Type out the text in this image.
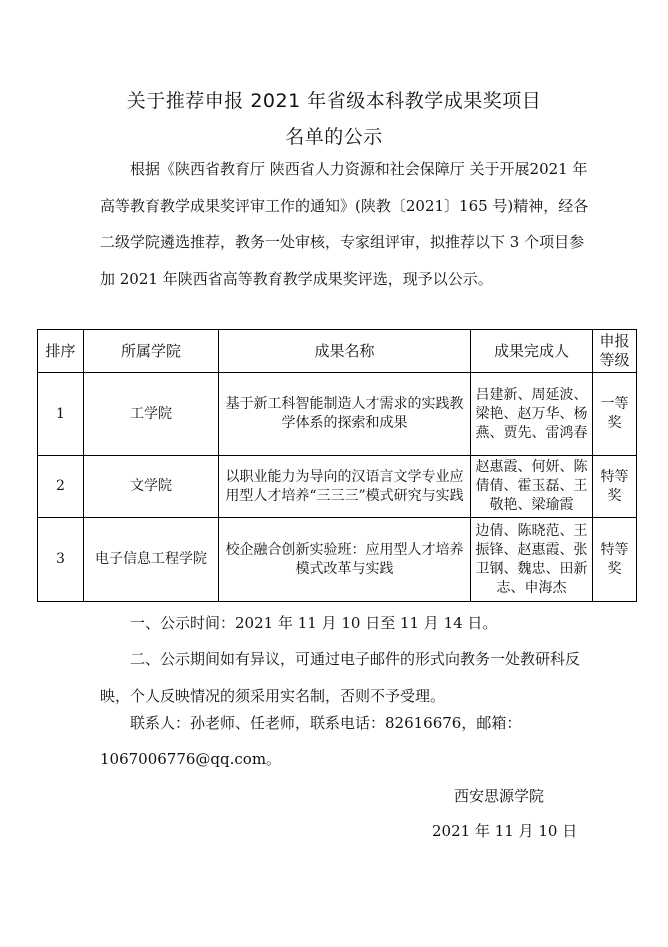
关于推荐申报 2021 年省级本科教学成果奖项目
名单的公示
根据《陕西省教育厅 陕西省人力资源和社会保障厅 关于开展2021 年高等教育教学成果奖评审工作的通知》(陕教〔2021〕165 号)精神，经各二级学院遴选推荐，教务一处审核，专家组评审，拟推荐以下 3 个项目参加 2021 年陕西省高等教育教学成果奖评选，现予以公示。
排序	所属学院	成果名称	成果完成人	申报等级
1	工学院	基于新工科智能制造人才需求的实践教学体系的探索和成果	吕建新、周延波、梁艳、赵万华、杨燕、贾先、雷鸿春	一等奖
2	文学院	以职业能力为导向的汉语言文学专业应用型人才培养“三三三”模式研究与实践	赵惠霞、何妍、陈倩倩、霍玉磊、王敬艳、梁瑜霞	特等奖
3	电子信息工程学院	校企融合创新实验班：应用型人才培养模式改革与实践	边倩、陈晓范、王振锋、赵惠霞、张卫钢、魏忠、田新志、申海杰	特等奖
一、公示时间：2021 年 11 月 10 日至 11 月 14 日。
二、公示期间如有异议，可通过电子邮件的形式向教务一处教研科反映，个人反映情况的须采用实名制，否则不予受理。
联系人：孙老师、任老师，联系电话：82616676，邮箱：
1067006776@qq.com。
西安思源学院
2021 年 11 月 10 日
